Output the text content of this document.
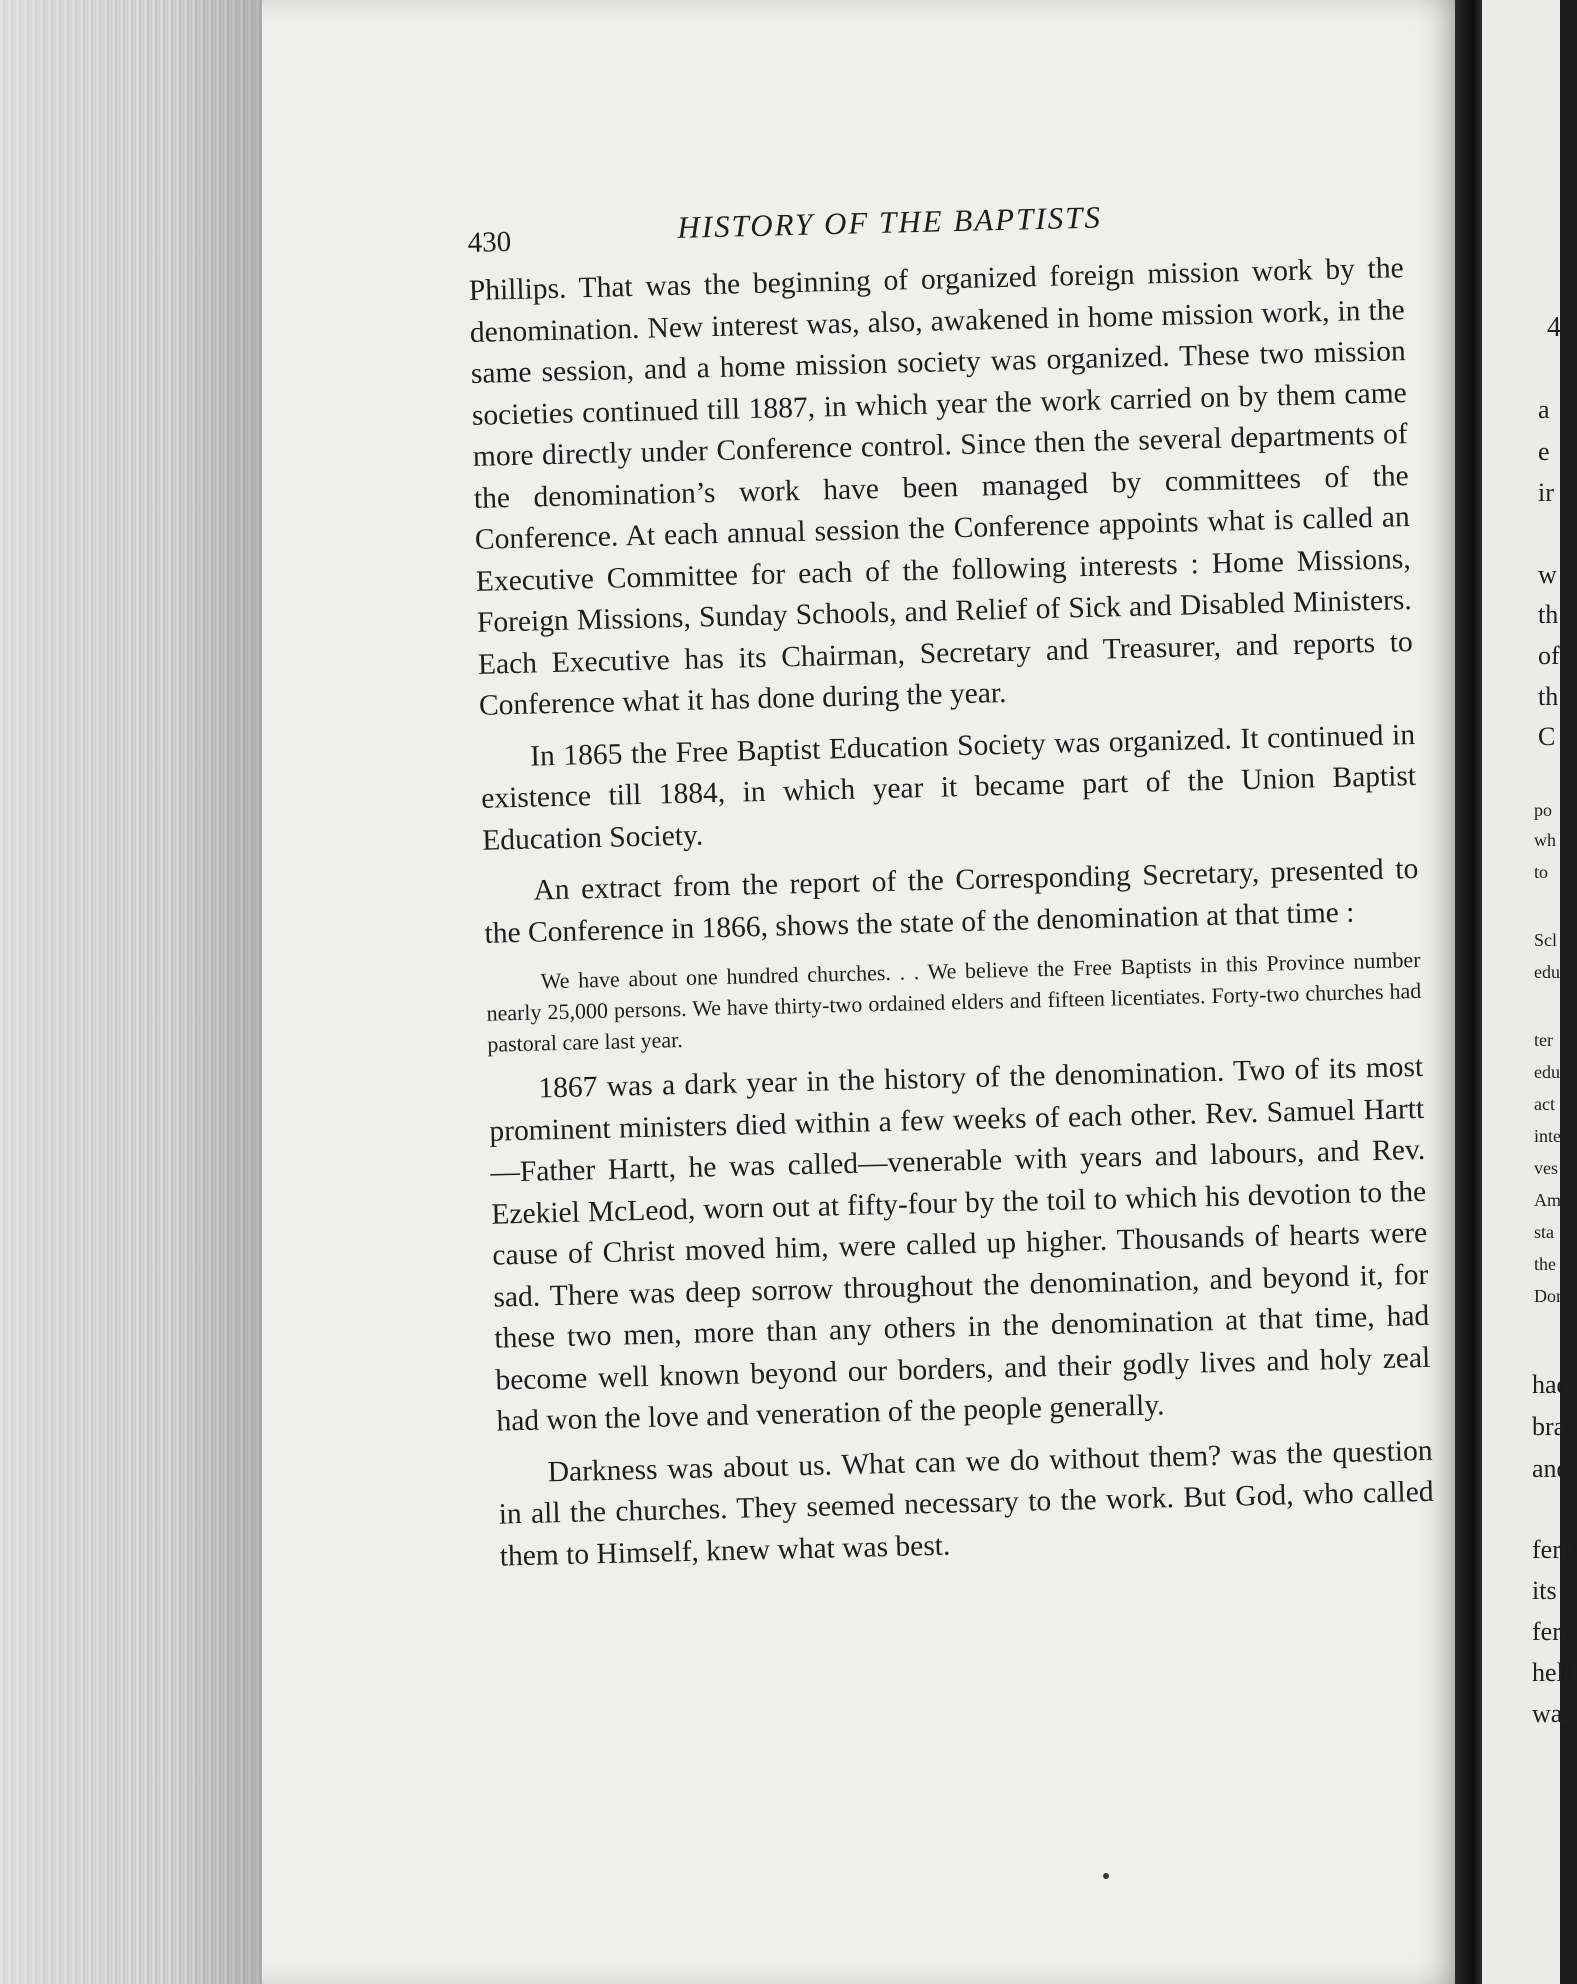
430	HISTORY OF THE BAPTISTS

Phillips. That was the beginning of organized foreign mission work by the denomination. New interest was, also, awakened in home mission work, in the same session, and a home mission society was organized. These two mission societies continued till 1887, in which year the work carried on by them came more directly under Conference control. Since then the several departments of the denomination’s work have been managed by committees of the Conference. At each annual session the Conference appoints what is called an Executive Committee for each of the following interests : Home Missions, Foreign Missions, Sunday Schools, and Relief of Sick and Disabled Ministers. Each Executive has its Chairman, Secretary and Treasurer, and reports to Conference what it has done during the year.

In 1865 the Free Baptist Education Society was organized. It continued in existence till 1884, in which year it became part of the Union Baptist Education Society.

An extract from the report of the Corresponding Secretary, presented to the Conference in 1866, shows the state of the denomination at that time :

We have about one hundred churches. . . We believe the Free Baptists in this Province number nearly 25,000 persons. We have thirty-two ordained elders and fifteen licentiates. Forty-two churches had pastoral care last year.

1867 was a dark year in the history of the denomination. Two of its most prominent ministers died within a few weeks of each other. Rev. Samuel Hartt—Father Hartt, he was called—venerable with years and labours, and Rev. Ezekiel McLeod, worn out at fifty-four by the toil to which his devotion to the cause of Christ moved him, were called up higher. Thousands of hearts were sad. There was deep sorrow throughout the denomination, and beyond it, for these two men, more than any others in the denomination at that time, had become well known beyond our borders, and their godly lives and holy zeal had won the love and veneration of the people generally.

Darkness was about us. What can we do without them? was the question in all the churches. They seemed necessary to the work. But God, who called them to Himself, knew what was best.

4
a
e
ir
w
th
of
th
C
po
wh
to
Scl
edu
ter
edu
act
inte
ves
Am
sta
the
Dor
had
bra
and
fere
its
fere
held
was
